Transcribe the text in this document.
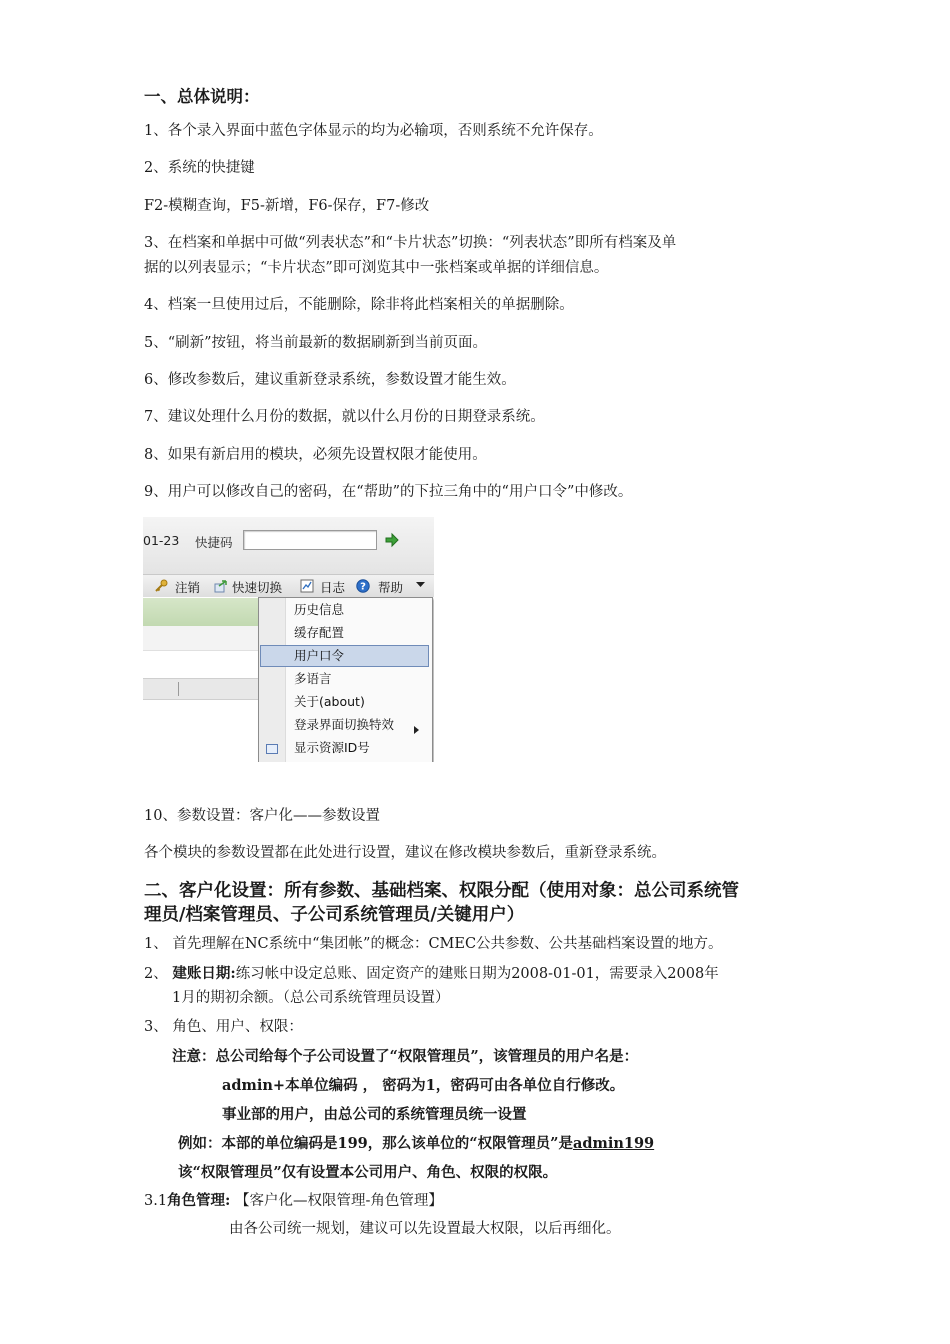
一、总体说明：
1、各个录入界面中蓝色字体显示的均为必输项，否则系统不允许保存。
2、系统的快捷键
F2-模糊查询，F5-新增，F6-保存，F7-修改
3、在档案和单据中可做“列表状态”和“卡片状态”切换：“列表状态”即所有档案及单
据的以列表显示；“卡片状态”即可浏览其中一张档案或单据的详细信息。
4、档案一旦使用过后，不能删除，除非将此档案相关的单据删除。
5、“刷新”按钮，将当前最新的数据刷新到当前页面。
6、修改参数后，建议重新登录系统，参数设置才能生效。
7、建议处理什么月份的数据，就以什么月份的日期登录系统。
8、如果有新启用的模块，必须先设置权限才能使用。
9、用户可以修改自己的密码，在“帮助”的下拉三角中的“用户口令”中修改。
01-23 快捷码
注销	快速切换	日志 ? 帮助
历史信息
缓存配置
用户口令
多语言
关于(about)
登录界面切换特效
显示资源ID号
10、参数设置：客户化——参数设置
各个模块的参数设置都在此处进行设置，建议在修改模块参数后，重新登录系统。
二、客户化设置：所有参数、基础档案、权限分配（使用对象：总公司系统管
理员/档案管理员、子公司系统管理员/关键用户）
1、 首先理解在NC系统中“集团帐”的概念：CMEC公共参数、公共基础档案设置的地方。
2、 建账日期:练习帐中设定总账、固定资产的建账日期为2008-01-01，需要录入2008年
1月的期初余额。（总公司系统管理员设置）
3、 角色、用户、权限：
注意：总公司给每个子公司设置了“权限管理员”，该管理员的用户名是：
admin+本单位编码 ， 密码为1，密码可由各单位自行修改。
事业部的用户，由总公司的系统管理员统一设置
例如：本部的单位编码是199，那么该单位的“权限管理员”是admin199
该“权限管理员”仅有设置本公司用户、角色、权限的权限。
3.1角色管理: 【客户化—权限管理-角色管理】
由各公司统一规划，建议可以先设置最大权限，以后再细化。
